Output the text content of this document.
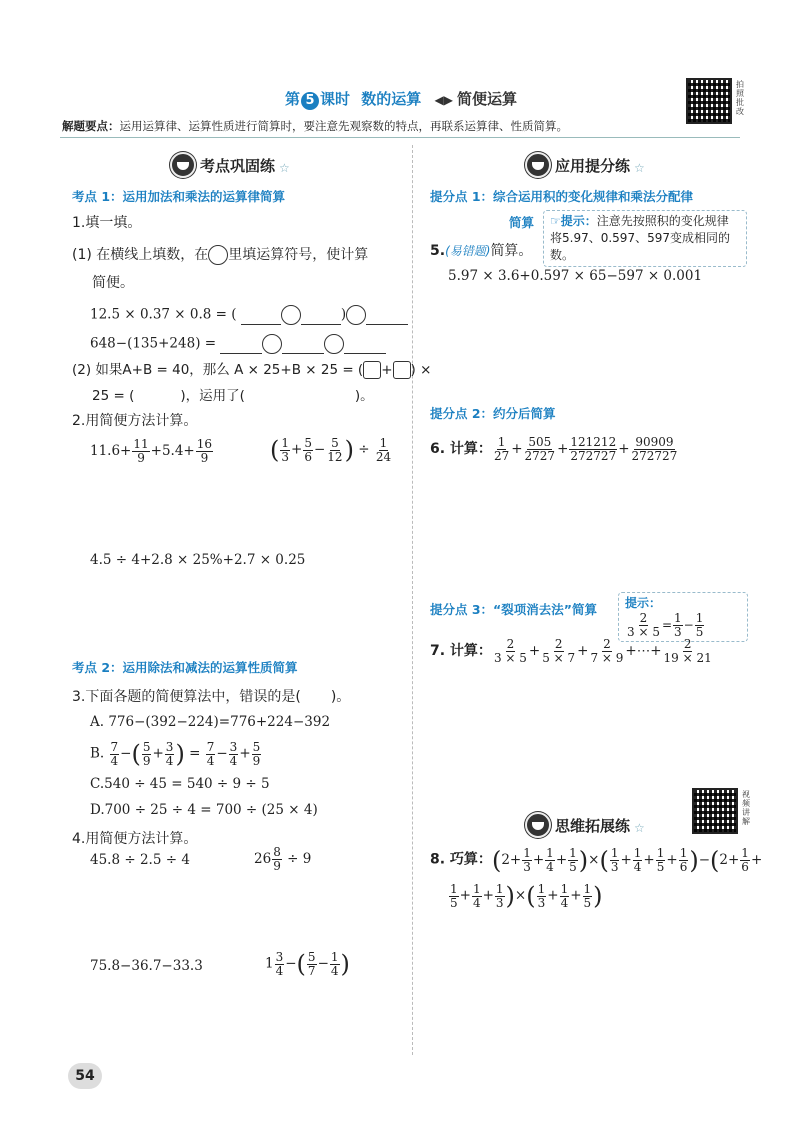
第 5 课时 数的运算 ◀▶ 简便运算
拍照批改
解题要点：运用运算律、运算性质进行简算时，要注意先观察数的特点，再联系运算律、性质简算。
考点巩固练 ☆
考点 1：运用加法和乘法的运算律简算
1.填一填。
(1) 在横线上填数，在 里填运算符号，使计算
简便。
12.5 × 0.37 × 0.8 = (	)
648−(135+248) =
(2) 如果A+B = 40，那么 A × 25+B × 25 = ( + ) ×
25 = (	)，运用了(	)。
2.用简便方法计算。
$11.6+ \frac{11}{9} +5.4+ \frac{16}{9}$ ( $\frac{1}{3} + \frac{5}{6} - \frac{5}{12}$ ) ÷ $\frac{1}{24}$
4.5 ÷ 4+2.8 × 25%+2.7 × 0.25
考点 2：运用除法和减法的运算性质简算
3.下面各题的简便算法中，错误的是( )。
A. 776−(392−224)=776+224−392
B. $\frac{7}{4}$ −( $\frac{5}{9} + \frac{3}{4}$ ) = $\frac{7}{4} - \frac{3}{4} + \frac{5}{9}$
C.540 ÷ 45 = 540 ÷ 9 ÷ 5
D.700 ÷ 25 ÷ 4 = 700 ÷ (25 × 4)
4.用简便方法计算。
45.8 ÷ 2.5 ÷ 4	$26 \frac{8}{9} \div 9$
75.8−36.7−33.3	$1 \frac{3}{4}$ −( $\frac{5}{7} - \frac{1}{4}$ )
应用提分练 ☆
提分点 1：综合运用积的变化规律和乘法分配律
简算	☞提示：注意先按照积的变化规律
将5.97、0.597、597变成相同的数。
5.(易错题)简算。
5.97 × 3.6+0.597 × 65−597 × 0.001
提分点 2：约分后简算
6. 计算： $\frac{1}{27} + \frac{505}{2727} + \frac{121212}{272727} + \frac{90909}{272727}$
提分点 3：“裂项消去法”简算	提示：
$\frac{2}{3 \times 5} = \frac{1}{3} - \frac{1}{5}$
7. 计算： $\frac{2}{3 \times 5} + \frac{2}{5 \times 7} + \frac{2}{7 \times 9}$ +⋯+ $\frac{2}{19 \times 21}$
视频讲解
思维拓展练 ☆
8. 巧算：($2+ \frac{1}{3} + \frac{1}{4} + \frac{1}{5}$ )×( $\frac{1}{3} + \frac{1}{4} + \frac{1}{5} + \frac{1}{6} )-(2+ \frac{1}{6}$ +
$\frac{1}{5} + \frac{1}{4} + \frac{1}{3}$ )×( $\frac{1}{3} + \frac{1}{4} + \frac{1}{5}$ )
54
